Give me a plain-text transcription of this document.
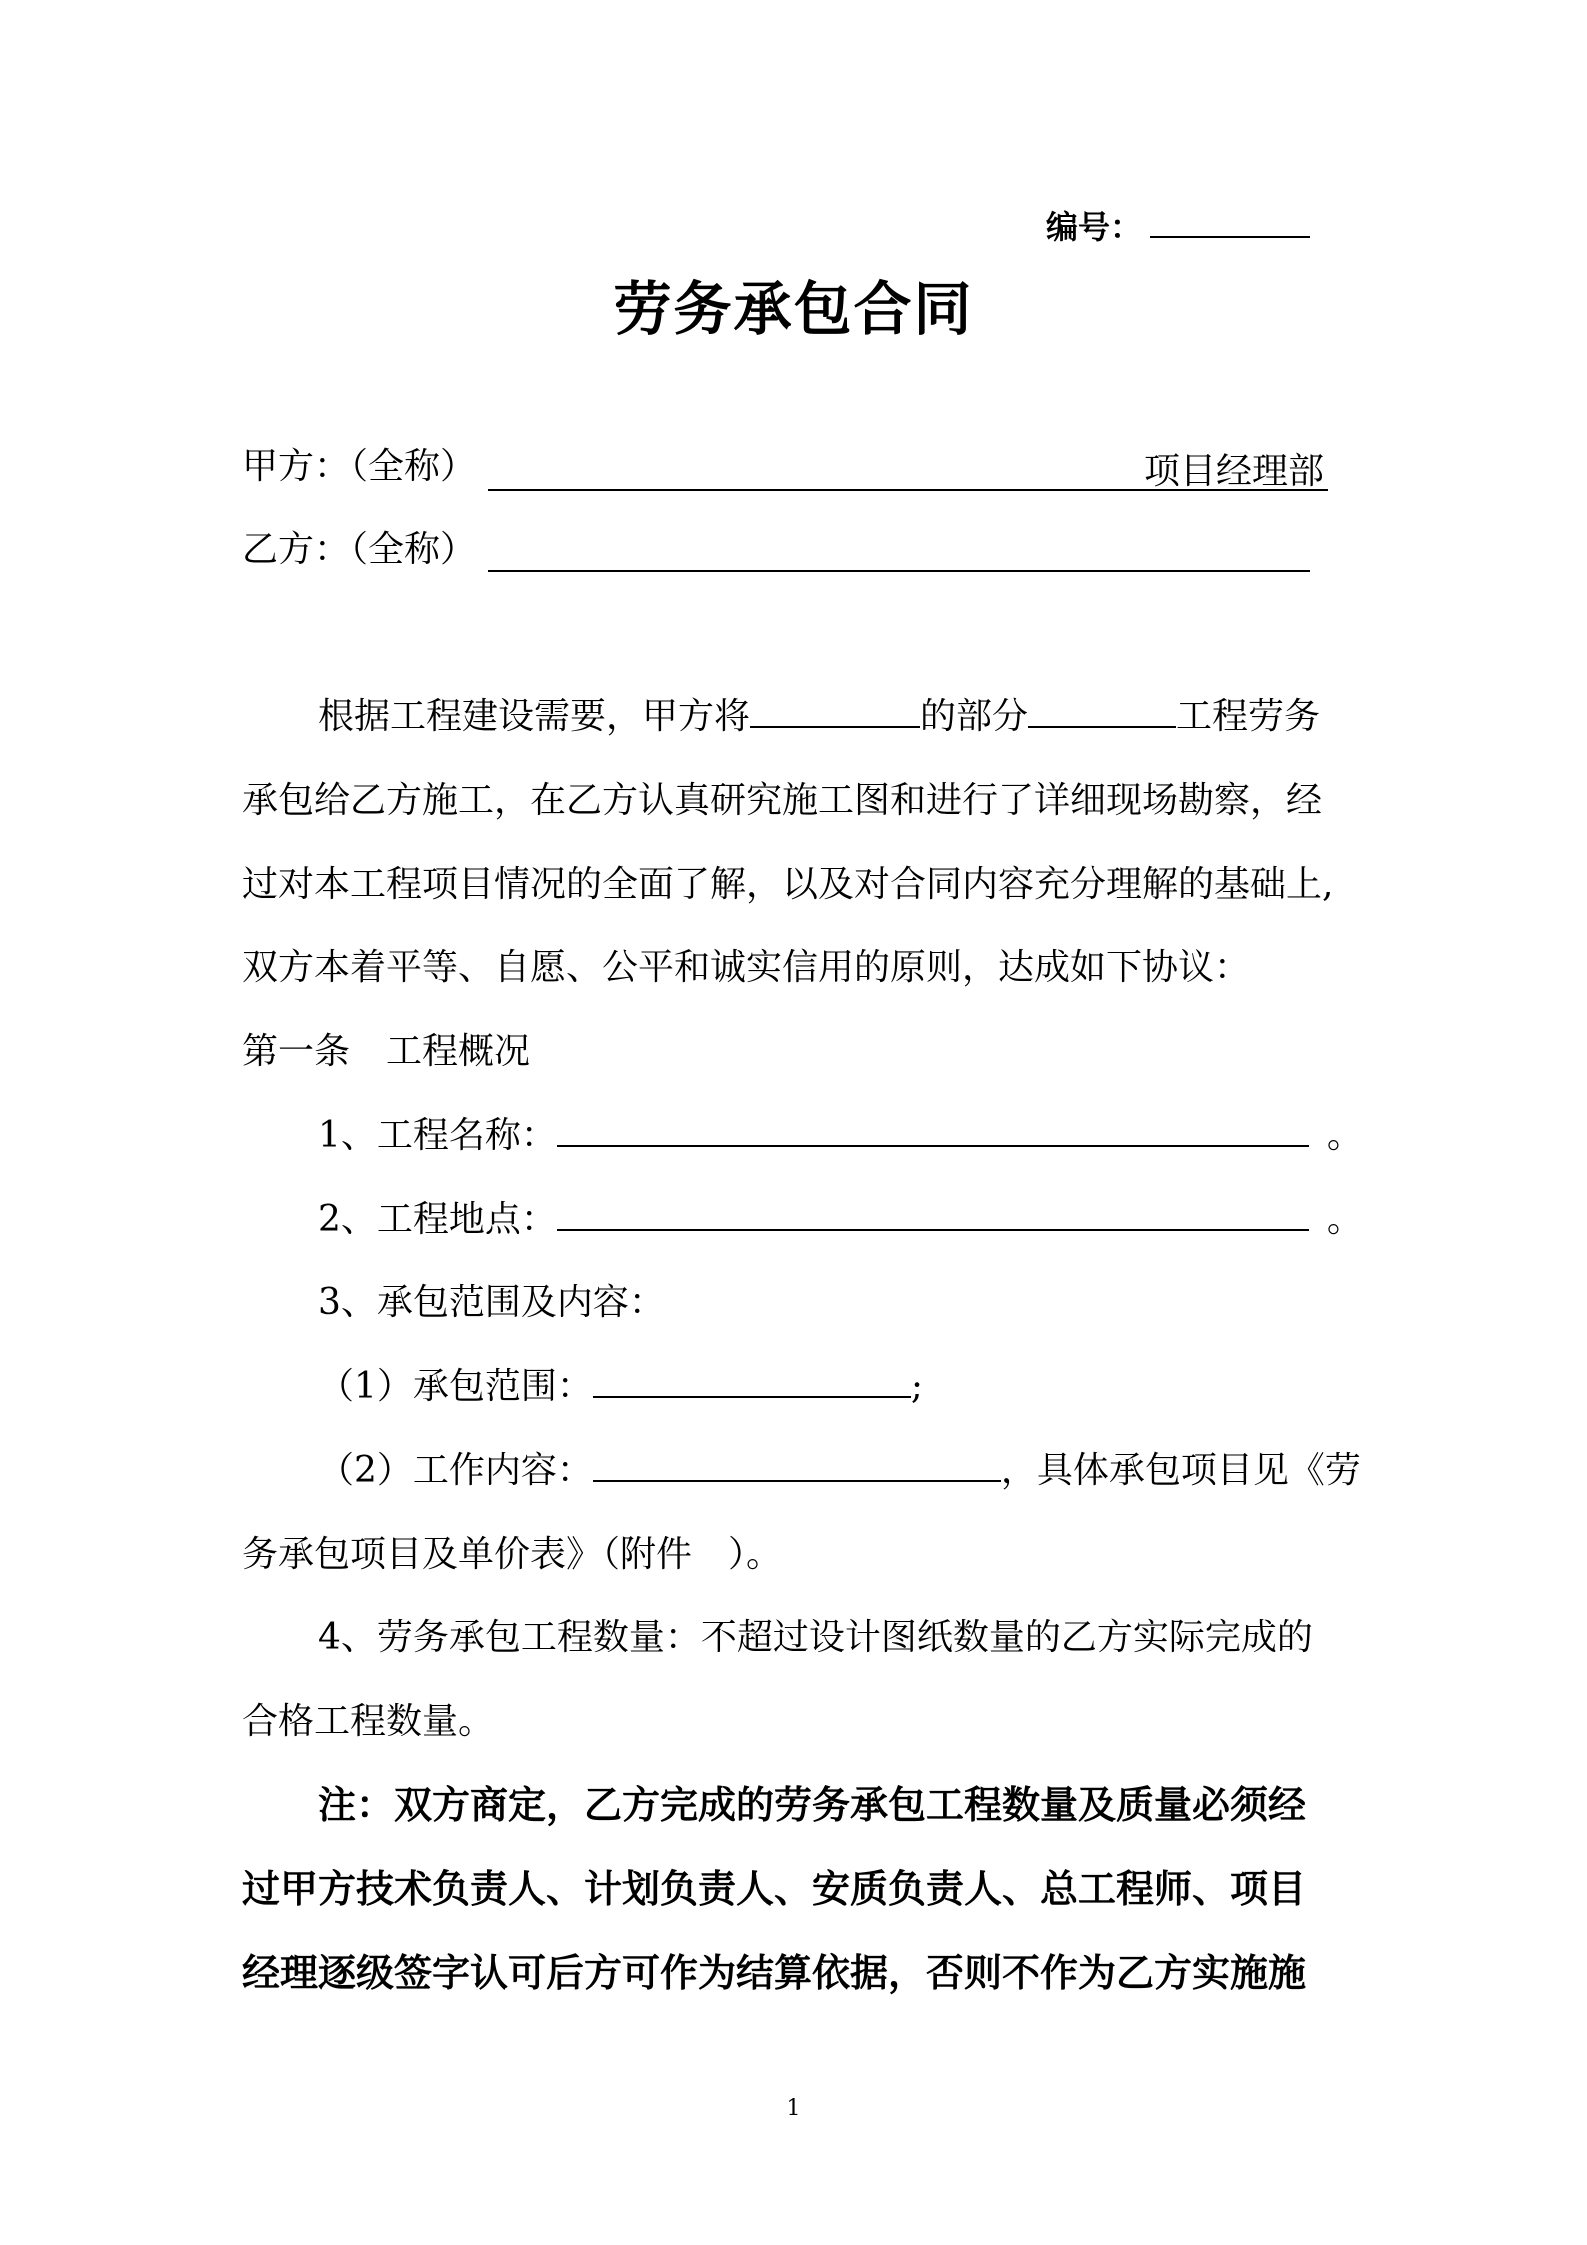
编号：
劳务承包合同
甲方：（全称）	项目经理部
乙方：（全称）
根据工程建设需要，甲方将	的部分	工程劳务
承包给乙方施工，在乙方认真研究施工图和进行了详细现场勘察，经
过对本工程项目情况的全面了解，以及对合同内容充分理解的基础上,
双方本着平等、自愿、公平和诚实信用的原则，达成如下协议：
第一条　工程概况
1、工程名称：	。
2、工程地点：	。
3、承包范围及内容：
（1）承包范围：	;
（2）工作内容：	，具体承包项目见《劳
务承包项目及单价表》（附件　）。
4、劳务承包工程数量：不超过设计图纸数量的乙方实际完成的
合格工程数量。
注：双方商定，乙方完成的劳务承包工程数量及质量必须经
过甲方技术负责人、计划负责人、安质负责人、总工程师、项目
经理逐级签字认可后方可作为结算依据，否则不作为乙方实施施
1
